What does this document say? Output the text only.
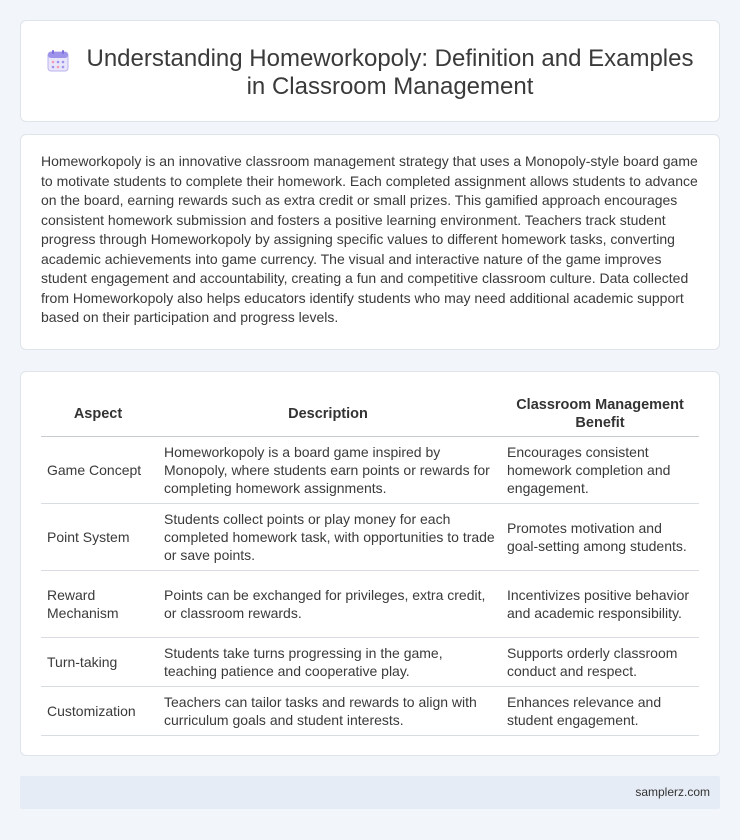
Understanding Homeworkopoly: Definition and Examples in Classroom Management

Homeworkopoly is an innovative classroom management strategy that uses a Monopoly-style board game to motivate students to complete their homework. Each completed assignment allows students to advance on the board, earning rewards such as extra credit or small prizes. This gamified approach encourages consistent homework submission and fosters a positive learning environment. Teachers track student progress through Homeworkopoly by assigning specific values to different homework tasks, converting academic achievements into game currency. The visual and interactive nature of the game improves student engagement and accountability, creating a fun and competitive classroom culture. Data collected from Homeworkopoly also helps educators identify students who may need additional academic support based on their participation and progress levels.

Aspect	Description	Classroom Management Benefit
Game Concept	Homeworkopoly is a board game inspired by Monopoly, where students earn points or rewards for completing homework assignments.	Encourages consistent homework completion and engagement.
Point System	Students collect points or play money for each completed homework task, with opportunities to trade or save points.	Promotes motivation and goal-setting among students.
Reward Mechanism	Points can be exchanged for privileges, extra credit, or classroom rewards.	Incentivizes positive behavior and academic responsibility.
Turn-taking	Students take turns progressing in the game, teaching patience and cooperative play.	Supports orderly classroom conduct and respect.
Customization	Teachers can tailor tasks and rewards to align with curriculum goals and student interests.	Enhances relevance and student engagement.
samplerz.com
